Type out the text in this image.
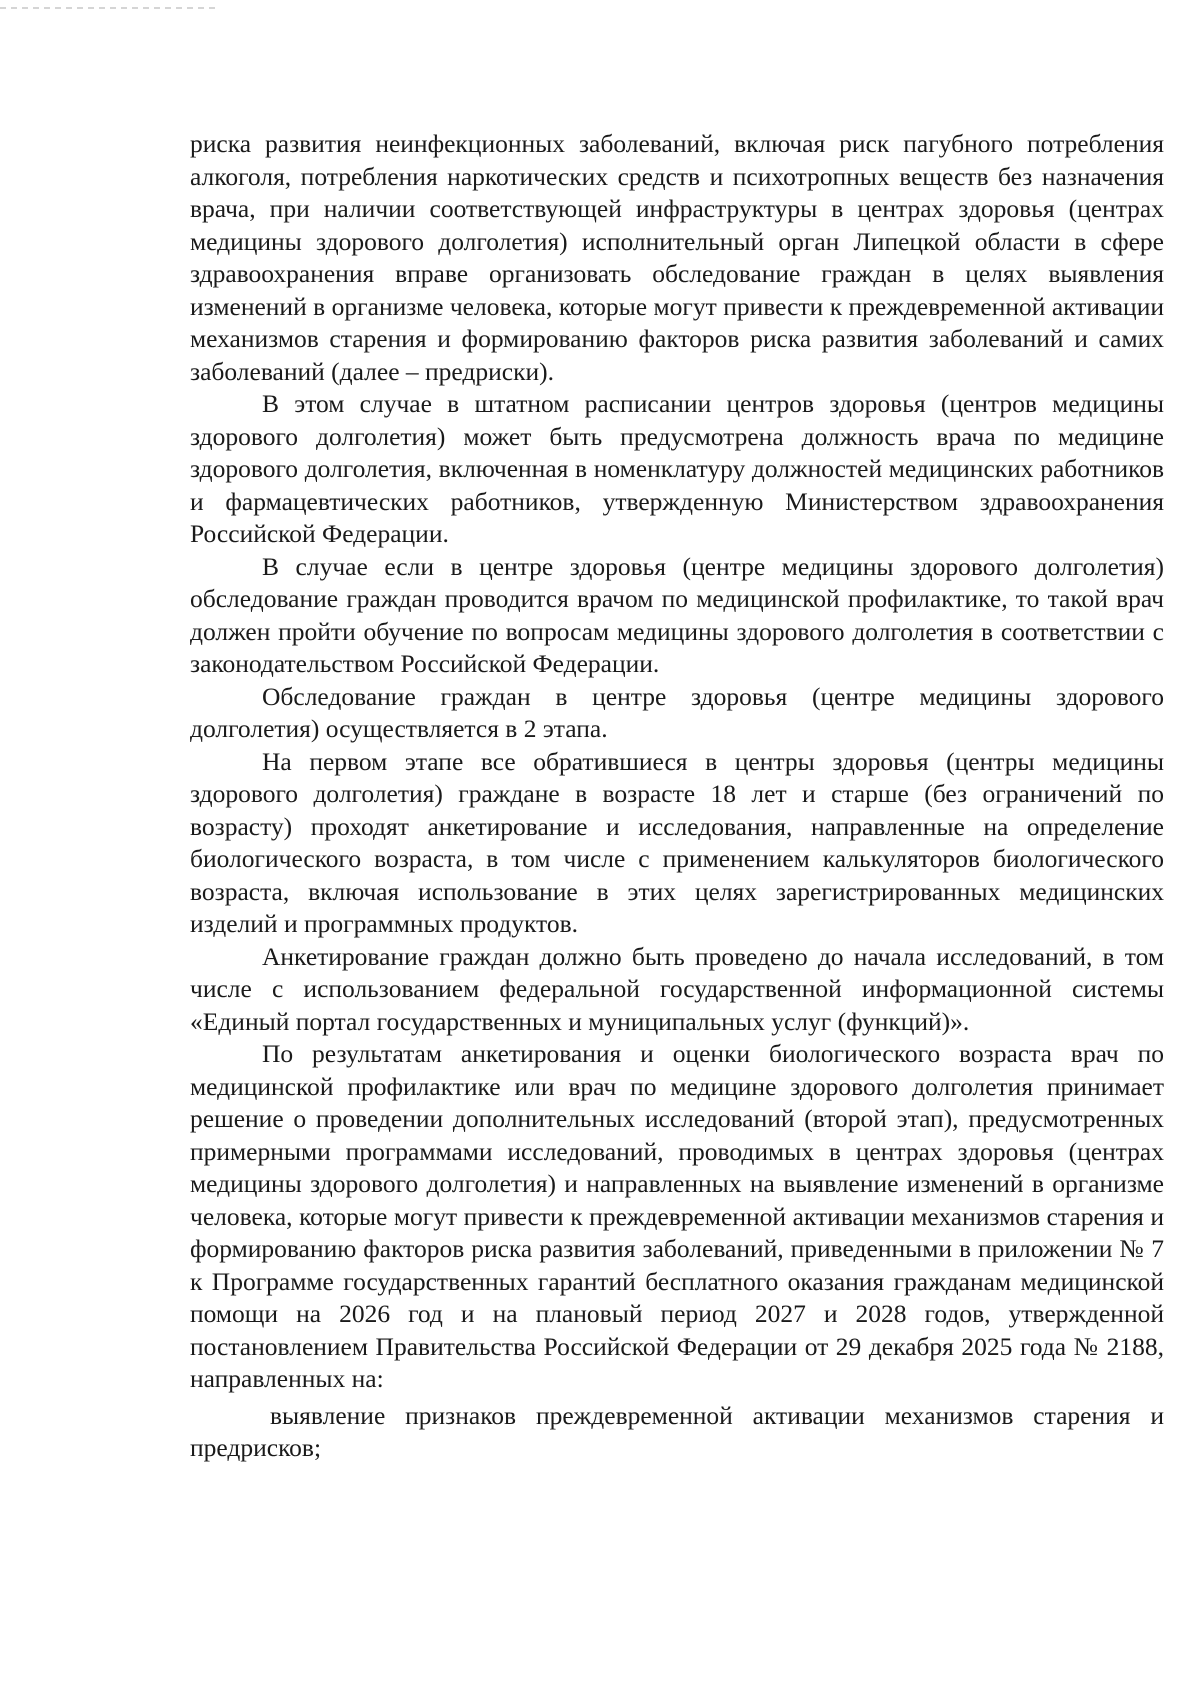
риска развития неинфекционных заболеваний, включая риск пагубного потребления алкоголя, потребления наркотических средств и психотропных веществ без назначения врача, при наличии соответствующей инфраструктуры в центрах здоровья (центрах медицины здорового долголетия) исполнительный орган Липецкой области в сфере здравоохранения вправе организовать обследование граждан в целях выявления изменений в организме человека, которые могут привести к преждевременной активации механизмов старения и формированию факторов риска развития заболеваний и самих заболеваний (далее – предриски).

В этом случае в штатном расписании центров здоровья (центров медицины здорового долголетия) может быть предусмотрена должность врача по медицине здорового долголетия, включенная в номенклатуру должностей медицинских работников и фармацевтических работников, утвержденную Министерством здравоохранения Российской Федерации.

В случае если в центре здоровья (центре медицины здорового долголетия) обследование граждан проводится врачом по медицинской профилактике, то такой врач должен пройти обучение по вопросам медицины здорового долголетия в соответствии с законодательством Российской Федерации.

Обследование граждан в центре здоровья (центре медицины здорового долголетия) осуществляется в 2 этапа.

На первом этапе все обратившиеся в центры здоровья (центры медицины здорового долголетия) граждане в возрасте 18 лет и старше (без ограничений по возрасту) проходят анкетирование и исследования, направленные на определение биологического возраста, в том числе с применением калькуляторов биологического возраста, включая использование в этих целях зарегистрированных медицинских изделий и программных продуктов.

Анкетирование граждан должно быть проведено до начала исследований, в том числе с использованием федеральной государственной информационной системы «Единый портал государственных и муниципальных услуг (функций)».

По результатам анкетирования и оценки биологического возраста врач по медицинской профилактике или врач по медицине здорового долголетия принимает решение о проведении дополнительных исследований (второй этап), предусмотренных примерными программами исследований, проводимых в центрах здоровья (центрах медицины здорового долголетия) и направленных на выявление изменений в организме человека, которые могут привести к преждевременной активации механизмов старения и формированию факторов риска развития заболеваний, приведенными в приложении № 7 к Программе государственных гарантий бесплатного оказания гражданам медицинской помощи на 2026 год и на плановый период 2027 и 2028 годов, утвержденной постановлением Правительства Российской Федерации от 29 декабря 2025 года № 2188, направленных на:

выявление признаков преждевременной активации механизмов старения и предрисков;
